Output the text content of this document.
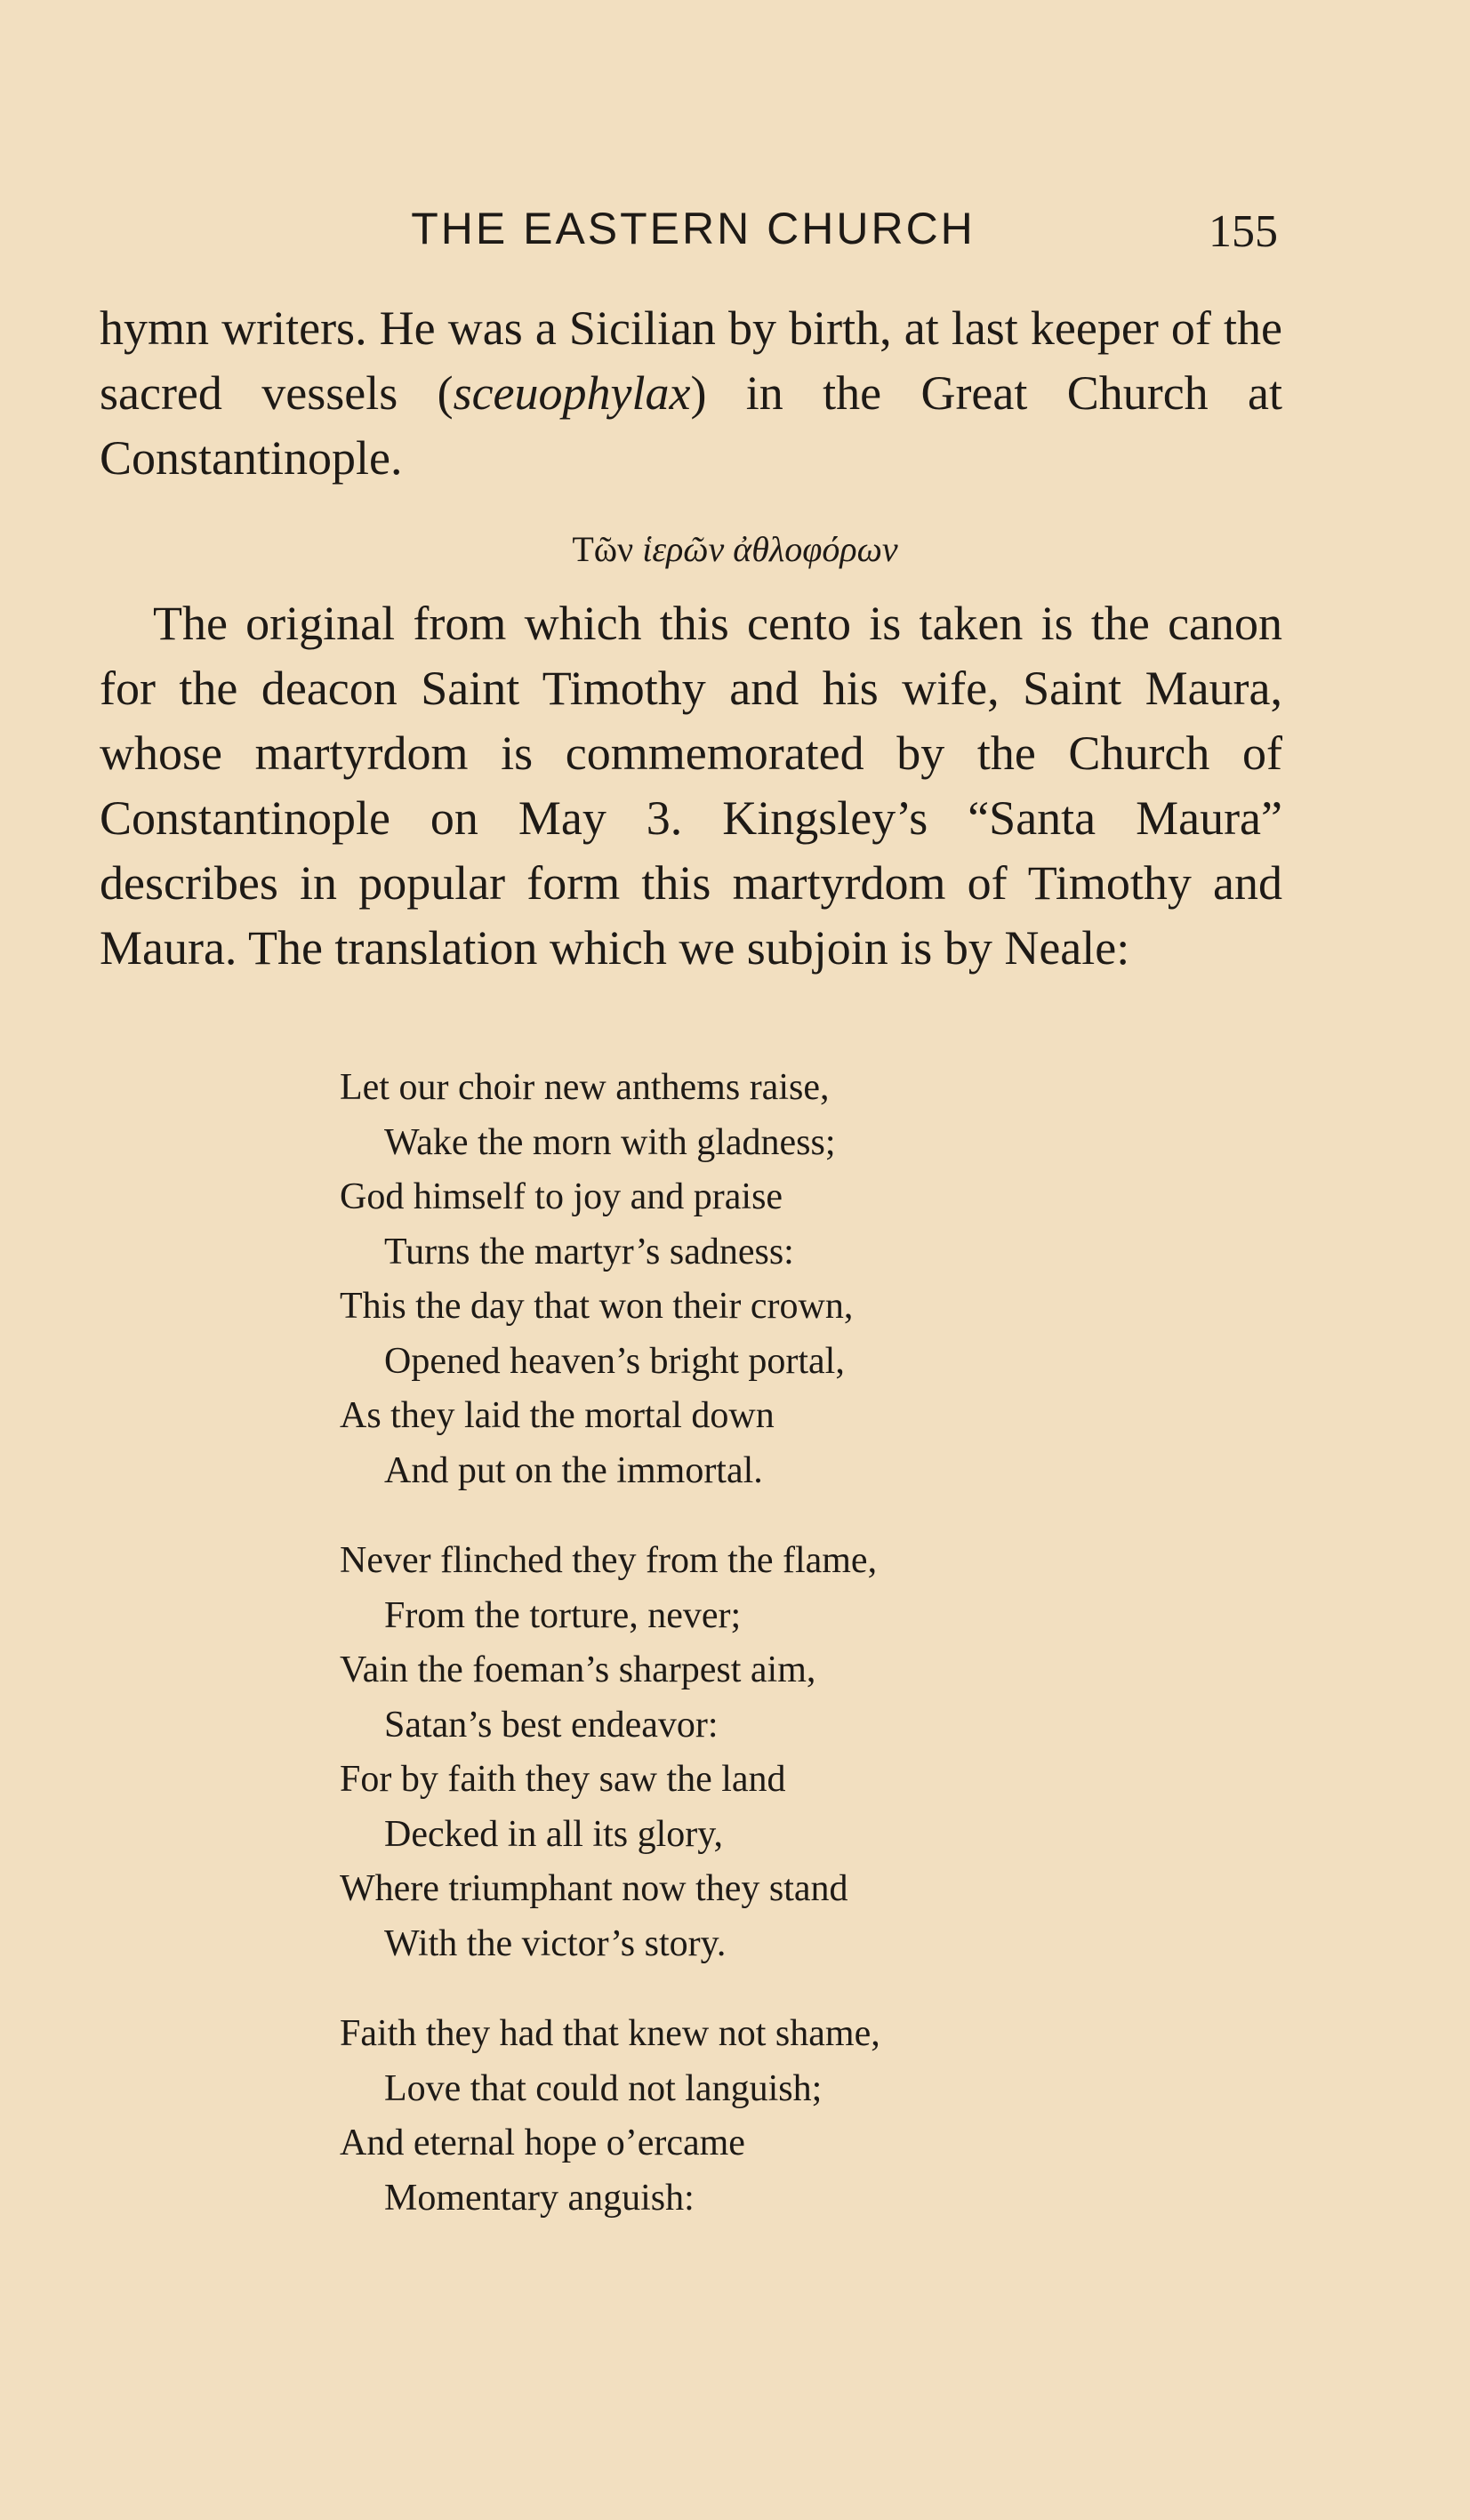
THE EASTERN CHURCH	155

hymn writers. He was a Sicilian by birth, at last keeper of the sacred vessels (sceuophylax) in the Great Church at Constantinople.

Τῶν ἱερῶν ἀθλοφόρων

The original from which this cento is taken is the canon for the deacon Saint Timothy and his wife, Saint Maura, whose martyrdom is commemorated by the Church of Constantinople on May 3. Kingsley’s “Santa Maura” describes in popular form this martyrdom of Timothy and Maura. The translation which we subjoin is by Neale:

Let our choir new anthems raise,
Wake the morn with gladness;
God himself to joy and praise
Turns the martyr’s sadness:
This the day that won their crown,
Opened heaven’s bright portal,
As they laid the mortal down
And put on the immortal.
Never flinched they from the flame,
From the torture, never;
Vain the foeman’s sharpest aim,
Satan’s best endeavor:
For by faith they saw the land
Decked in all its glory,
Where triumphant now they stand
With the victor’s story.
Faith they had that knew not shame,
Love that could not languish;
And eternal hope o’ercame
Momentary anguish:
